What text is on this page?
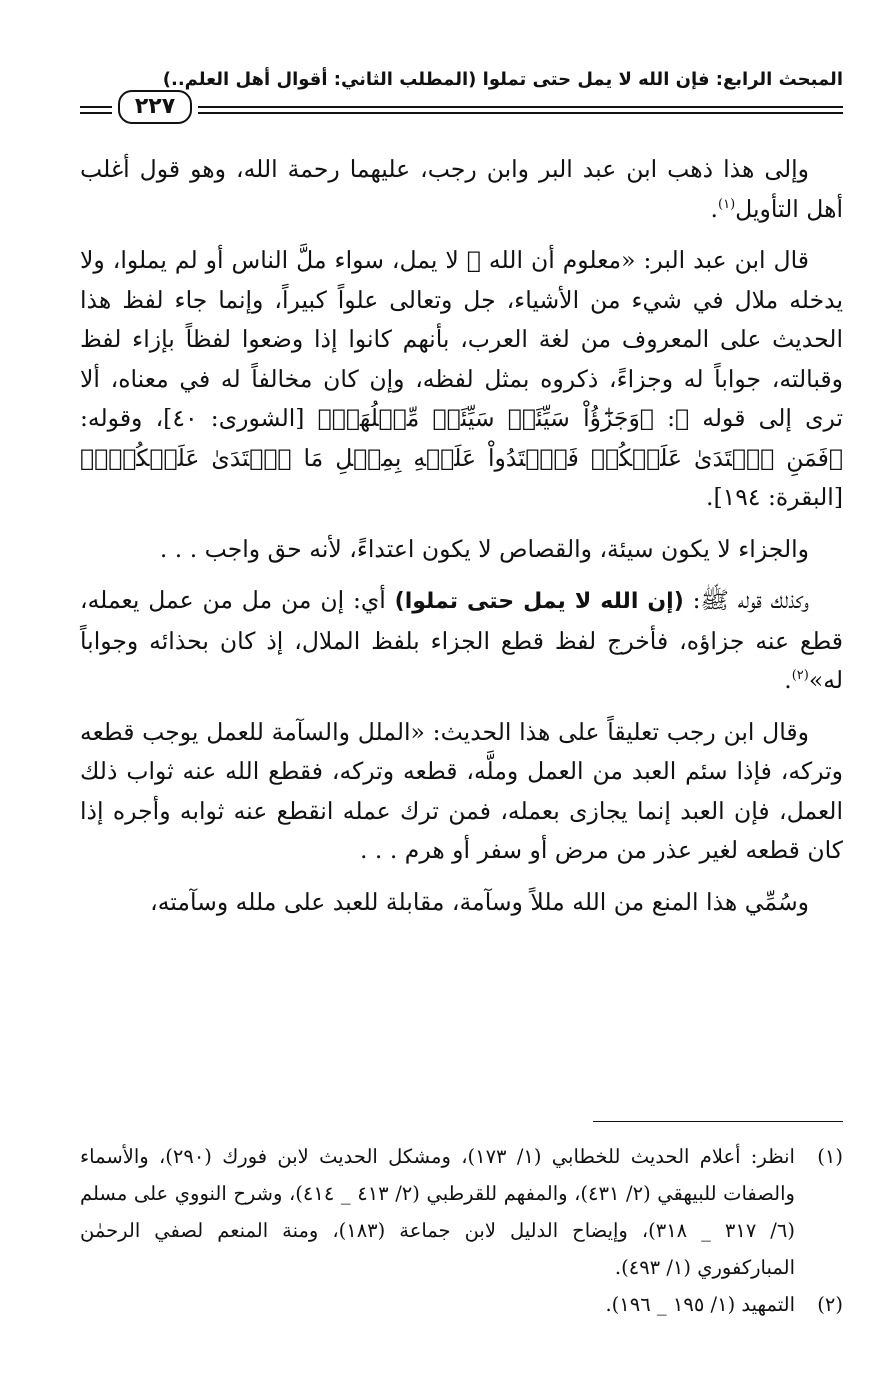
المبحث الرابع: فإن الله لا يمل حتى تملوا (المطلب الثاني: أقوال أهل العلم..)
٢٢٧

وإلى هذا ذهب ابن عبد البر وابن رجب، عليهما رحمة الله، وهو قول أغلب أهل التأويل$^{(١)}$.

قال ابن عبد البر: «معلوم أن الله ﷻ لا يمل، سواء ملَّ الناس أو لم يملوا، ولا يدخله ملال في شيء من الأشياء، جل وتعالى علواً كبيراً، وإنما جاء لفظ هذا الحديث على المعروف من لغة العرب، بأنهم كانوا إذا وضعوا لفظاً بإزاء لفظ وقبالته، جواباً له وجزاءً، ذكروه بمثل لفظه، وإن كان مخالفاً له في معناه، ألا ترى إلى قوله ﷻ: ﴿وَجَزَٰٓؤُاْ سَيِّئَةٖ سَيِّئَةٞ مِّثۡلُهَاۚ﴾ [الشورى: ٤٠]، وقوله: ﴿فَمَنِ ٱعۡتَدَىٰ عَلَيۡكُمۡ فَٱعۡتَدُواْ عَلَيۡهِ بِمِثۡلِ مَا ٱعۡتَدَىٰ عَلَيۡكُمۡۚ﴾ [البقرة: ١٩٤].

والجزاء لا يكون سيئة، والقصاص لا يكون اعتداءً، لأنه حق واجب . . .

وكذلك قوله ﷺ: (إن الله لا يمل حتى تملوا) أي: إن من مل من عمل يعمله، قطع عنه جزاؤه، فأخرج لفظ قطع الجزاء بلفظ الملال، إذ كان بحذائه وجواباً له»$^{(٢)}$.

وقال ابن رجب تعليقاً على هذا الحديث: «الملل والسآمة للعمل يوجب قطعه وتركه، فإذا سئم العبد من العمل وملَّه، قطعه وتركه، فقطع الله عنه ثواب ذلك العمل، فإن العبد إنما يجازى بعمله، فمن ترك عمله انقطع عنه ثوابه وأجره إذا كان قطعه لغير عذر من مرض أو سفر أو هرم . . .

وسُمِّي هذا المنع من الله مللاً وسآمة، مقابلة للعبد على ملله وسآمته،

(١)انظر: أعلام الحديث للخطابي (١/ ١٧٣)، ومشكل الحديث لابن فورك (٢٩٠)، والأسماء والصفات للبيهقي (٢/ ٤٣١)، والمفهم للقرطبي (٢/ ٤١٣ _ ٤١٤)، وشرح النووي على مسلم (٦/ ٣١٧ _ ٣١٨)، وإيضاح الدليل لابن جماعة (١٨٣)، ومنة المنعم لصفي الرحمٰن المباركفوري (١/ ٤٩٣).

(٢)التمهيد (١/ ١٩٥ _ ١٩٦).
